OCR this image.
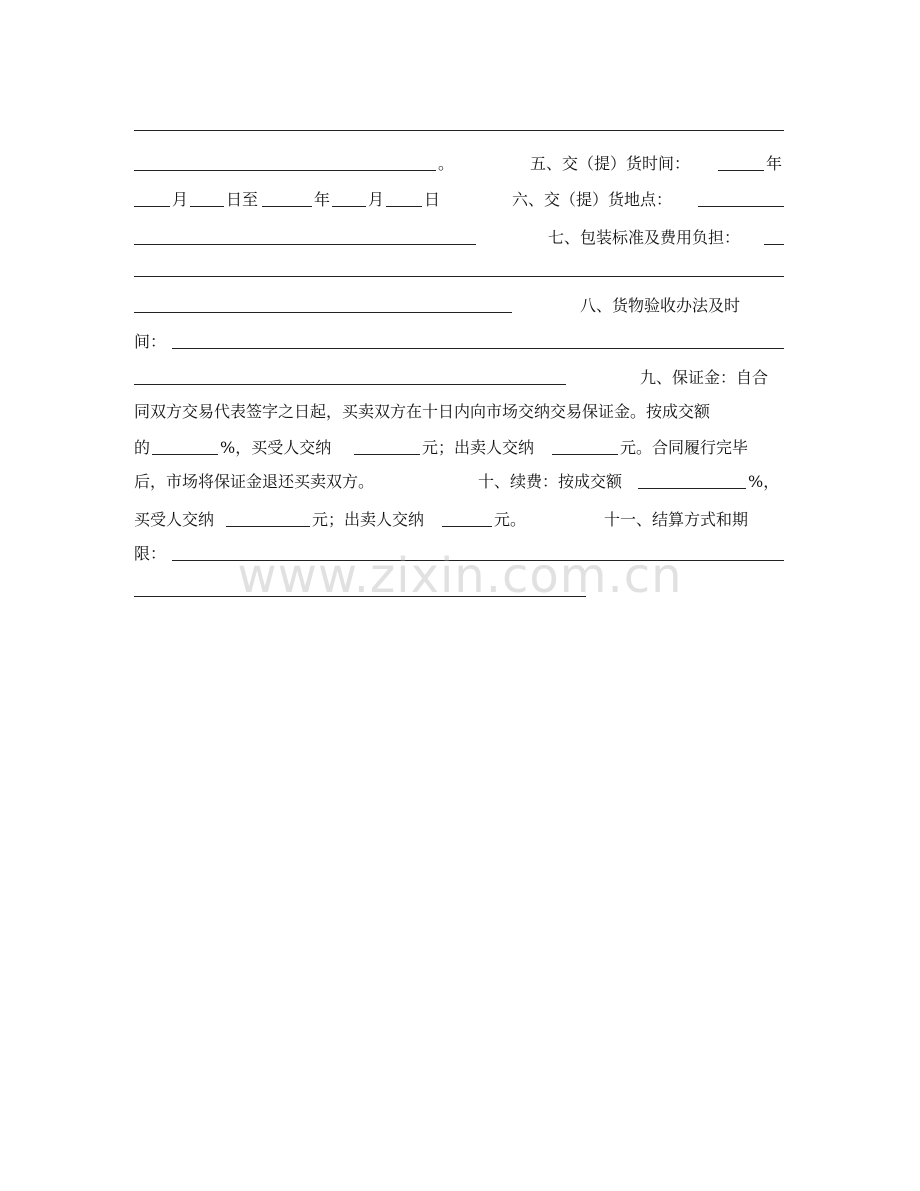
。	五、交（提）货时间：	年
月 日至	年 月 日	六、交（提）货地点：
七、包装标准及费用负担：
八、货物验收办法及时
间：
九、保证金：自合
同双方交易代表签字之日起，买卖双方在十日内向市场交纳交易保证金。按成交额
的	%，买受人交纳	元；出卖人交纳	元。合同履行完毕
后，市场将保证金退还买卖双方。	十、续费：按成交额	%，
买受人交纳	元；出卖人交纳	元。	十一、结算方式和期
限：	www.zixin.com.cn
